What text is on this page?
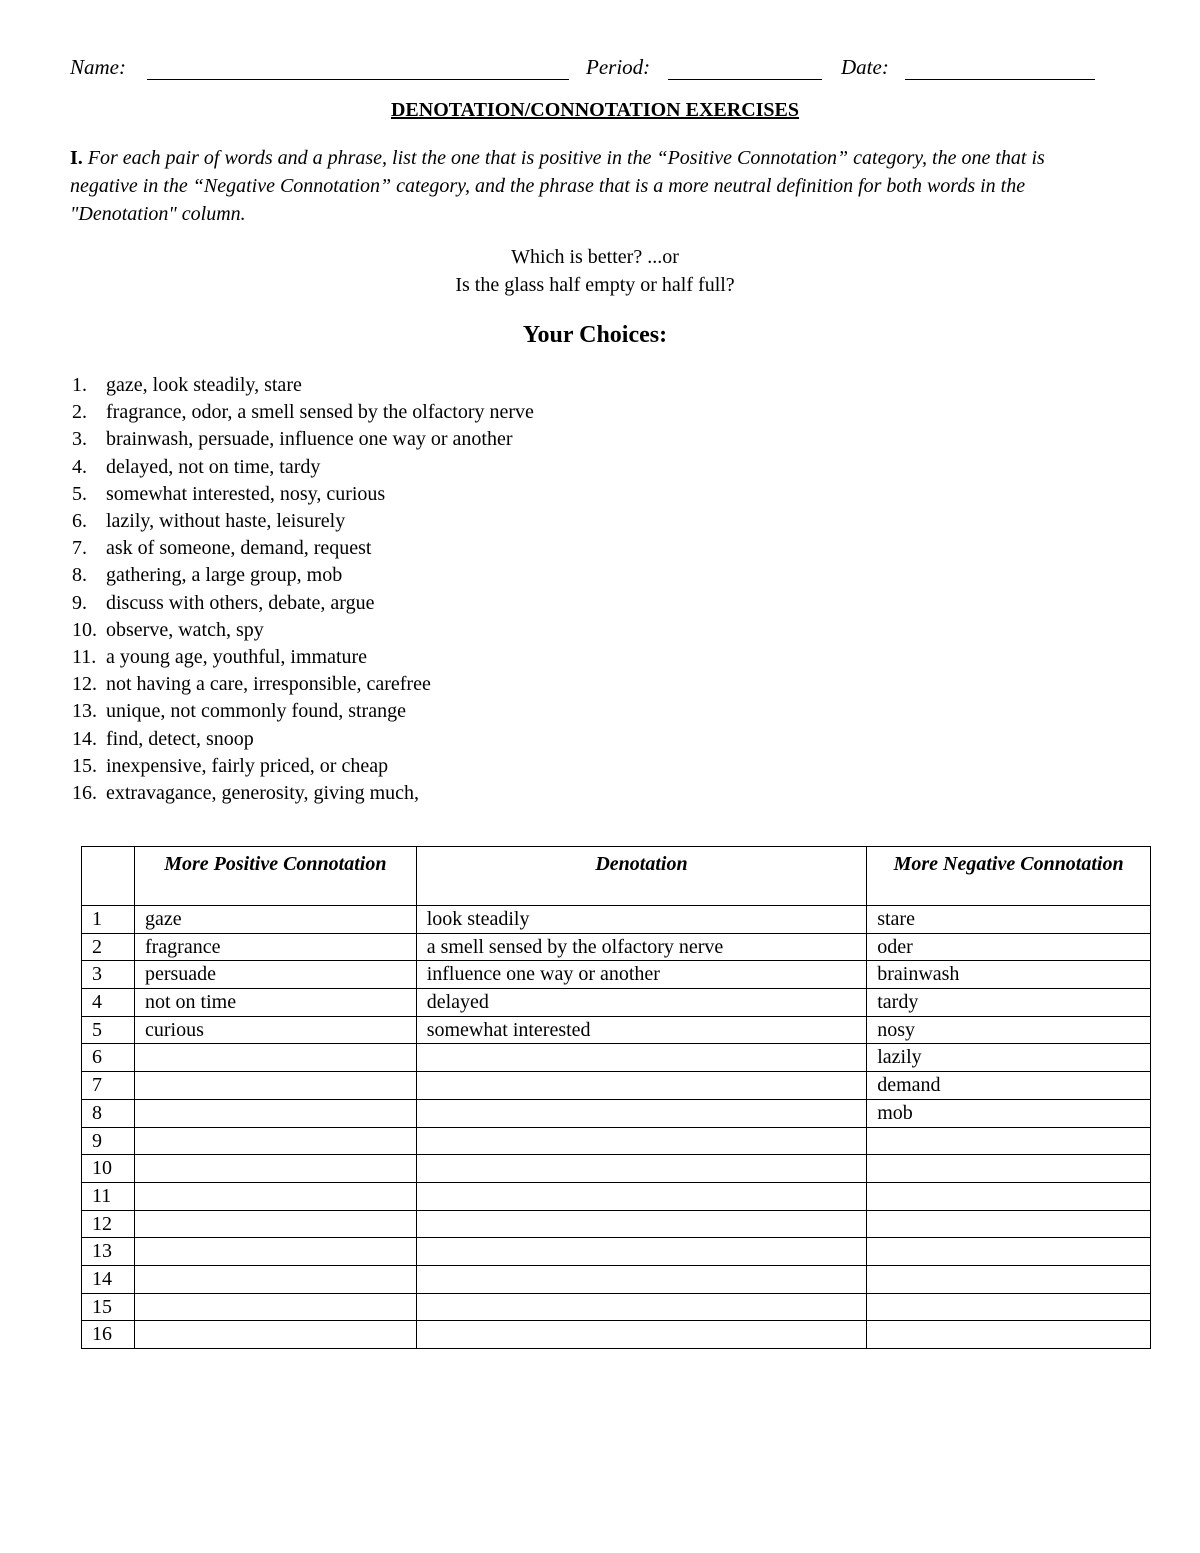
Name:	Period:	Date:
DENOTATION/CONNOTATION EXERCISES
I. For each pair of words and a phrase, list the one that is positive in the “Positive Connotation” category, the one that is negative in the “Negative Connotation” category, and the phrase that is a more neutral definition for both words in the "Denotation" column.
Which is better? ...or
Is the glass half empty or half full?
Your Choices:
1. gaze, look steadily, stare
2. fragrance, odor, a smell sensed by the olfactory nerve
3. brainwash, persuade, influence one way or another
4. delayed, not on time, tardy
5. somewhat interested, nosy, curious
6. lazily, without haste, leisurely
7. ask of someone, demand, request
8. gathering, a large group, mob
9. discuss with others, debate, argue
10. observe, watch, spy
11. a young age, youthful, immature
12. not having a care, irresponsible, carefree
13. unique, not commonly found, strange
14. find, detect, snoop
15. inexpensive, fairly priced, or cheap
16. extravagance, generosity, giving much,
	More Positive Connotation	Denotation	More Negative Connotation
1	gaze	look steadily	stare
2	fragrance	a smell sensed by the olfactory nerve	oder
3	persuade	influence one way or another	brainwash
4	not on time	delayed	tardy
5	curious	somewhat interested	nosy
6			lazily
7			demand
8			mob
9			
10			
11			
12			
13			
14			
15			
16			
